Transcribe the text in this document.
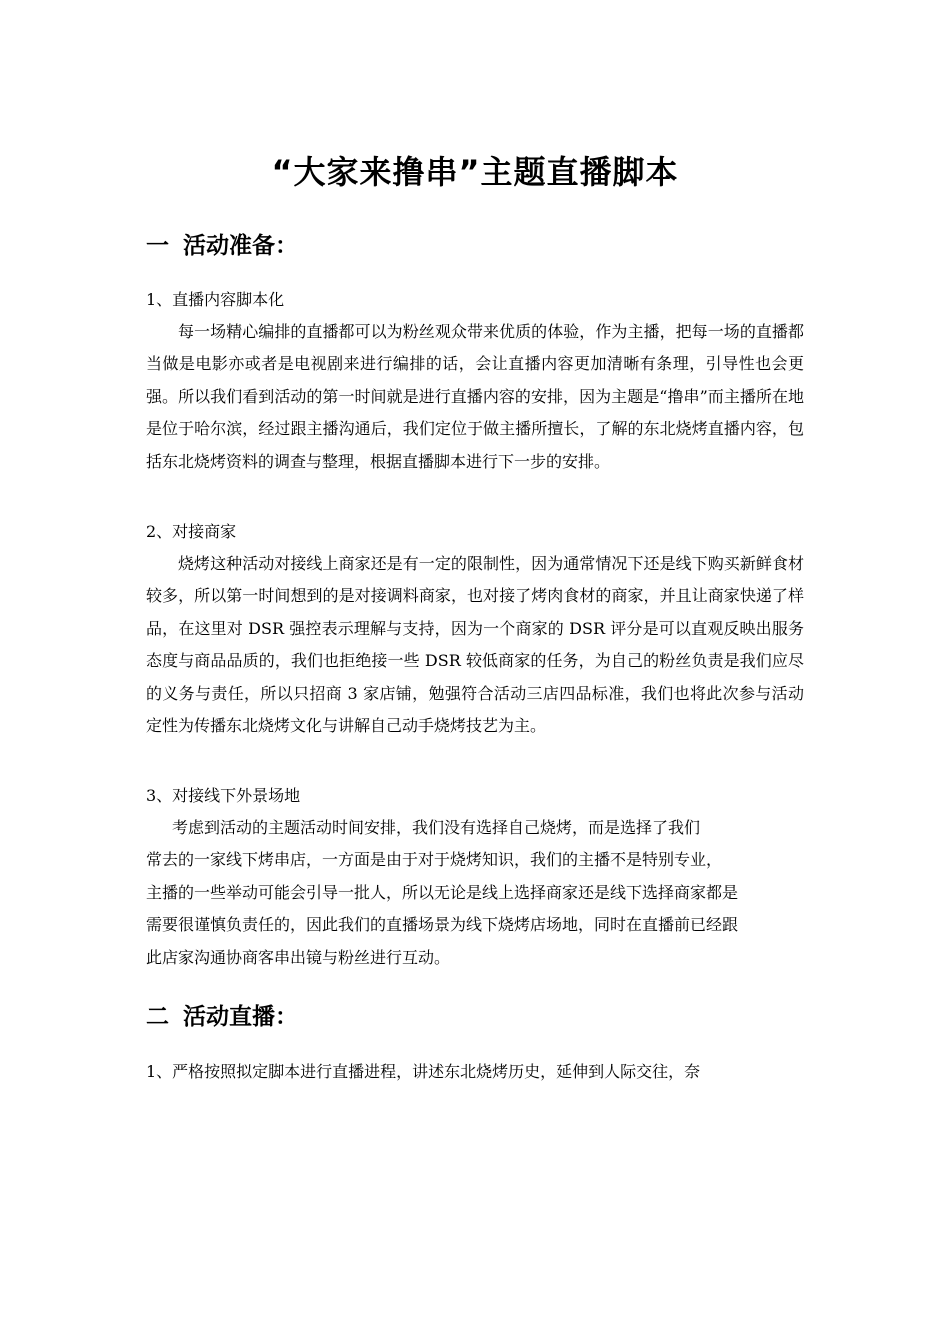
“大家来撸串”主题直播脚本
一 活动准备：

1、直播内容脚本化

每一场精心编排的直播都可以为粉丝观众带来优质的体验，作为主播，把每一场的直播都当做是电影亦或者是电视剧来进行编排的话，会让直播内容更加清晰有条理，引导性也会更强。所以我们看到活动的第一时间就是进行直播内容的安排，因为主题是“撸串”而主播所在地是位于哈尔滨，经过跟主播沟通后，我们定位于做主播所擅长，了解的东北烧烤直播内容，包括东北烧烤资料的调查与整理，根据直播脚本进行下一步的安排。

2、对接商家

烧烤这种活动对接线上商家还是有一定的限制性，因为通常情况下还是线下购买新鲜食材较多，所以第一时间想到的是对接调料商家，也对接了烤肉食材的商家，并且让商家快递了样品，在这里对 DSR 强控表示理解与支持，因为一个商家的 DSR 评分是可以直观反映出服务态度与商品品质的，我们也拒绝接一些 DSR 较低商家的任务，为自己的粉丝负责是我们应尽的义务与责任，所以只招商 3 家店铺，勉强符合活动三店四品标准，我们也将此次参与活动定性为传播东北烧烤文化与讲解自己动手烧烤技艺为主。

3、对接线下外景场地

考虑到活动的主题活动时间安排，我们没有选择自己烧烤，而是选择了我们
常去的一家线下烤串店，一方面是由于对于烧烤知识，我们的主播不是特别专业，
主播的一些举动可能会引导一批人，所以无论是线上选择商家还是线下选择商家都是
需要很谨慎负责任的，因此我们的直播场景为线下烧烤店场地，同时在直播前已经跟
此店家沟通协商客串出镜与粉丝进行互动。
二 活动直播：

1、严格按照拟定脚本进行直播进程，讲述东北烧烤历史，延伸到人际交往，奈
